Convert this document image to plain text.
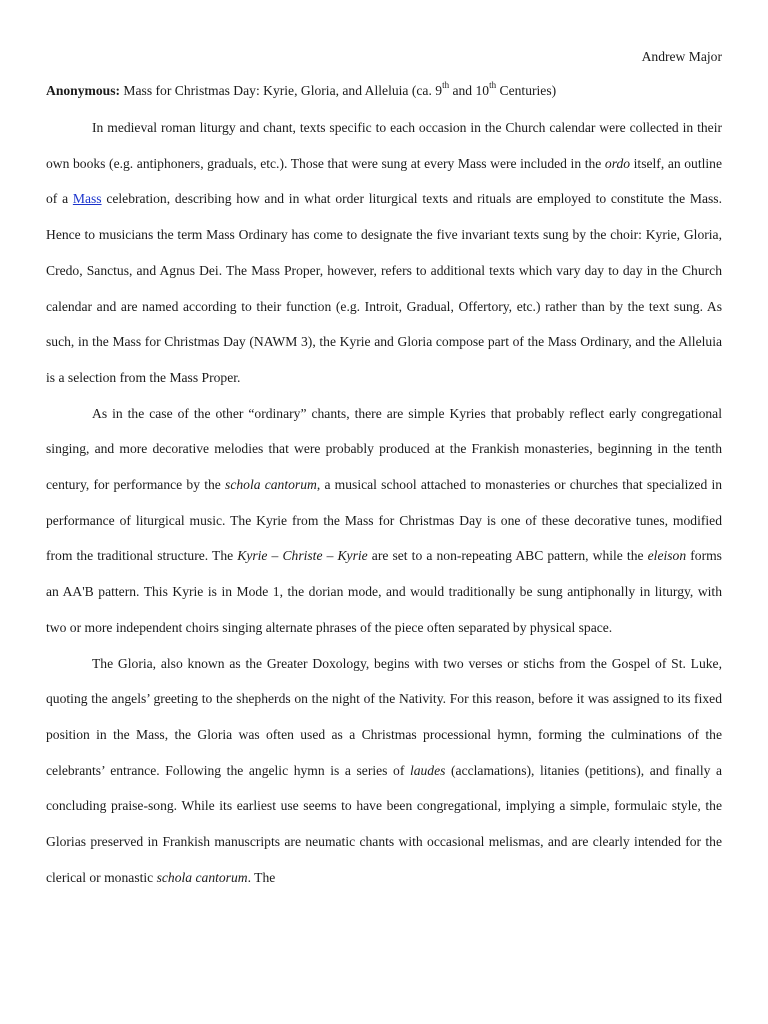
Andrew Major

Anonymous: Mass for Christmas Day: Kyrie, Gloria, and Alleluia (ca. 9th and 10th Centuries)

In medieval roman liturgy and chant, texts specific to each occasion in the Church calendar were collected in their own books (e.g. antiphoners, graduals, etc.). Those that were sung at every Mass were included in the ordo itself, an outline of a Mass celebration, describing how and in what order liturgical texts and rituals are employed to constitute the Mass. Hence to musicians the term Mass Ordinary has come to designate the five invariant texts sung by the choir: Kyrie, Gloria, Credo, Sanctus, and Agnus Dei. The Mass Proper, however, refers to additional texts which vary day to day in the Church calendar and are named according to their function (e.g. Introit, Gradual, Offertory, etc.) rather than by the text sung. As such, in the Mass for Christmas Day (NAWM 3), the Kyrie and Gloria compose part of the Mass Ordinary, and the Alleluia is a selection from the Mass Proper.

As in the case of the other “ordinary” chants, there are simple Kyries that probably reflect early congregational singing, and more decorative melodies that were probably produced at the Frankish monasteries, beginning in the tenth century, for performance by the schola cantorum, a musical school attached to monasteries or churches that specialized in performance of liturgical music. The Kyrie from the Mass for Christmas Day is one of these decorative tunes, modified from the traditional structure. The Kyrie – Christe – Kyrie are set to a non-repeating ABC pattern, while the eleison forms an AA'B pattern. This Kyrie is in Mode 1, the dorian mode, and would traditionally be sung antiphonally in liturgy, with two or more independent choirs singing alternate phrases of the piece often separated by physical space.

The Gloria, also known as the Greater Doxology, begins with two verses or stichs from the Gospel of St. Luke, quoting the angels’ greeting to the shepherds on the night of the Nativity. For this reason, before it was assigned to its fixed position in the Mass, the Gloria was often used as a Christmas processional hymn, forming the culminations of the celebrants’ entrance. Following the angelic hymn is a series of laudes (acclamations), litanies (petitions), and finally a concluding praise-song. While its earliest use seems to have been congregational, implying a simple, formulaic style, the Glorias preserved in Frankish manuscripts are neumatic chants with occasional melismas, and are clearly intended for the clerical or monastic schola cantorum. The
